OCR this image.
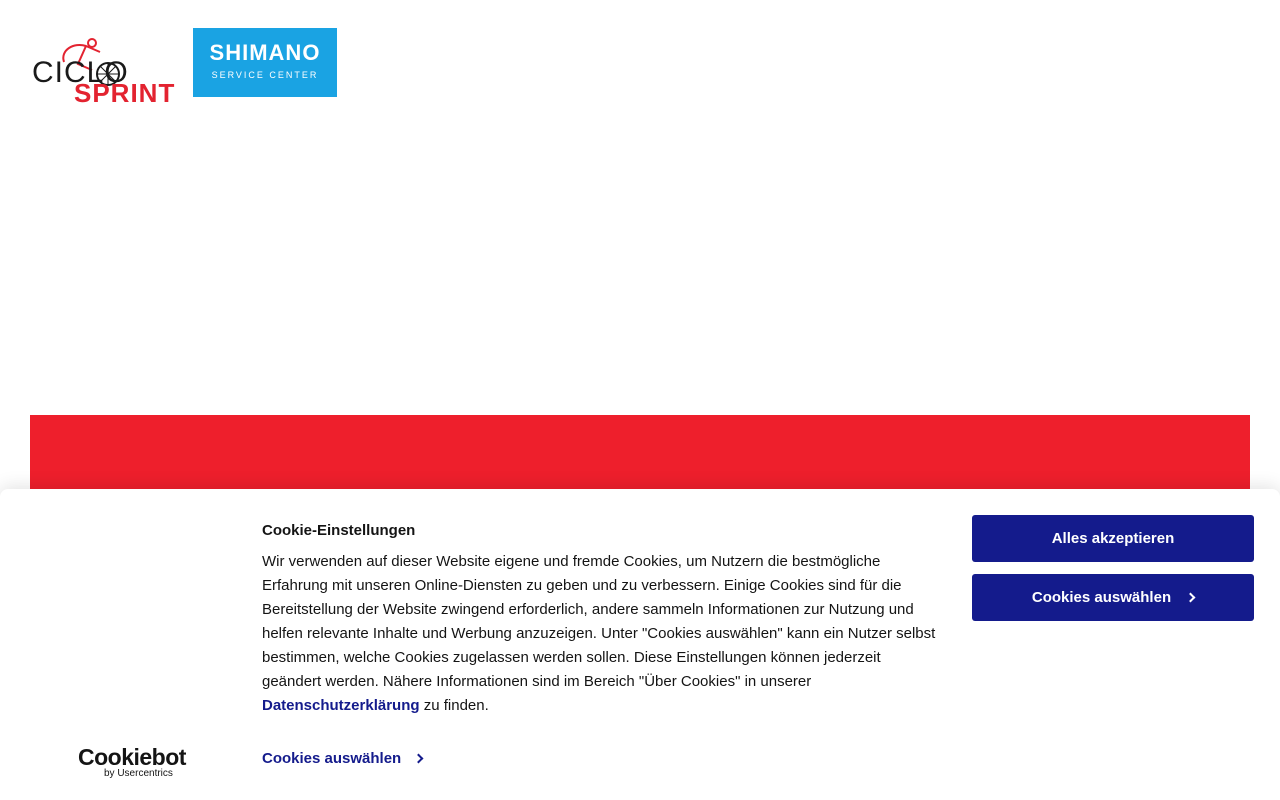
CICLO
SPRINT
SHIMANO
SERVICE CENTER
Cookiebot
by Usercentrics
Cookie-Einstellungen

Wir verwenden auf dieser Website eigene und fremde Cookies, um Nutzern die bestmögliche Erfahrung mit unseren Online-Diensten zu geben und zu verbessern. Einige Cookies sind für die Bereitstellung der Website zwingend erforderlich, andere sammeln Informationen zur Nutzung und helfen relevante Inhalte und Werbung anzuzeigen. Unter "Cookies auswählen" kann ein Nutzer selbst bestimmen, welche Cookies zugelassen werden sollen. Diese Einstellungen können jederzeit geändert werden. Nähere Informationen sind im Bereich "Über Cookies" in unserer Datenschutzerklärung zu finden.

Cookies auswählen
Alles akzeptieren
Cookies auswählen
